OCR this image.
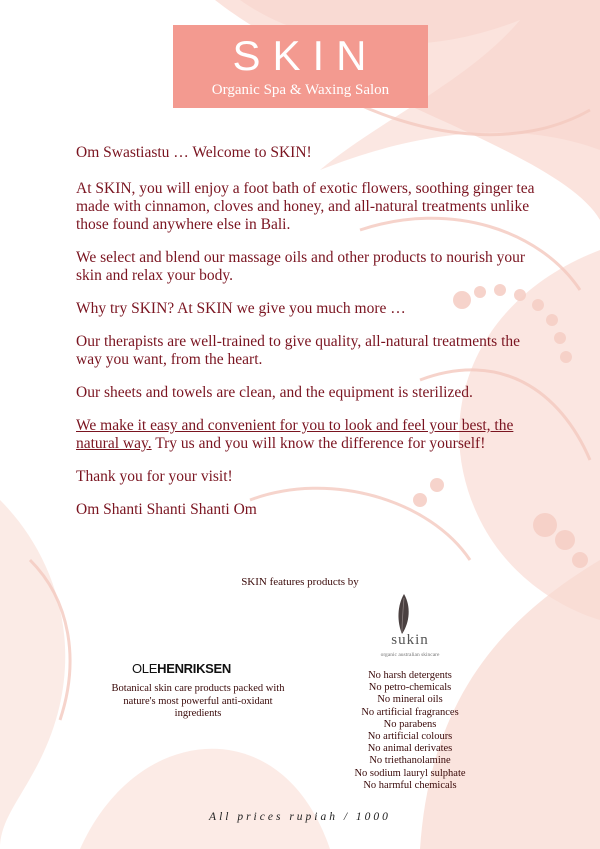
SKIN
Organic Spa & Waxing Salon

Om Swastiastu … Welcome to SKIN!

At SKIN, you will enjoy a foot bath of exotic flowers, soothing ginger tea made with cinnamon, cloves and honey, and all-natural treatments unlike those found anywhere else in Bali.

We select and blend our massage oils and other products to nourish your skin and relax your body.

Why try SKIN? At SKIN we give you much more …

Our therapists are well-trained to give quality, all-natural treatments the way you want, from the heart.

Our sheets and towels are clean, and the equipment is sterilized.

We make it easy and convenient for you to look and feel your best, the natural way. Try us and you will know the difference for yourself!

Thank you for your visit!

Om Shanti Shanti Shanti Om

SKIN features products by
OLEHENRIKSEN
Botanical skin care products packed with nature's most powerful anti-oxidant ingredients
sukin
organic australian skincare
No harsh detergents
No petro-chemicals
No mineral oils
No artificial fragrances
No parabens
No artificial colours
No animal derivates
No triethanolamine
No sodium lauryl sulphate
No harmful chemicals
All prices rupiah / 1000
